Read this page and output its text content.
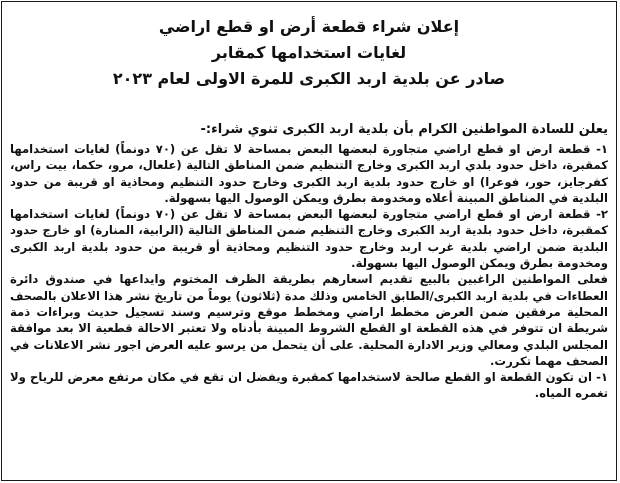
إعلان شراء قطعة أرض او قطع اراضي
لغايات استخدامها كمقابر
صادر عن بلدية اربد الكبرى للمرة الاولى لعام ٢٠٢٣
يعلن للسادة المواطنين الكرام بأن بلدية اربد الكبرى تنوي شراء:-

١- قطعة ارض او قطع اراضي متجاورة لبعضها البعض بمساحة لا تقل عن (٧٠ دونماً) لغايات استخدامها كمقبرة، داخل حدود بلدي اربد الكبرى وخارج التنظيم ضمن المناطق التالية (علعال، مرو، حكما، بيت راس، كفرجايز، حور، فوعرا) او خارج حدود بلدية اربد الكبرى وخارج حدود التنظيم ومحاذية او قريبة من حدود البلدية في المناطق المبينة أعلاه ومخدومة بطرق ويمكن الوصول اليها بسهولة.

٢- قطعة ارض او قطع اراضي متجاورة لبعضها البعض بمساحة لا تقل عن (٧٠ دونماً) لغايات استخدامها كمقبرة، داخل حدود بلدية اربد الكبرى وخارج التنظيم ضمن المناطق التالية (الرابية، المنارة) او خارج حدود البلدية ضمن اراضي بلدية غرب اربد وخارج حدود التنظيم ومحاذية أو قريبة من حدود بلدية اربد الكبرى ومخدومة بطرق ويمكن الوصول اليها بسهولة.

فعلى المواطنين الراغبين بالبيع تقديم اسعارهم بطريقة الظرف المختوم وايداعها في صندوق دائرة العطاءات في بلدية اربد الكبرى/الطابق الخامس وذلك مدة (ثلاثون) يوماً من تاريخ نشر هذا الاعلان بالصحف المحلية مرفقين ضمن العرض مخطط اراضي ومخطط موقع وترسيم وسند تسجيل حديث وبراءات ذمة شريطة ان تتوفر في هذه القطعة او القطع الشروط المبينة بأدناه ولا تعتبر الاحالة قطعية الا بعد موافقة المجلس البلدي ومعالي وزير الادارة المحلية. على أن يتحمل من يرسو عليه العرض اجور نشر الاعلانات في الصحف مهما تكررت.

١- ان تكون القطعة او القطع صالحة لاستخدامها كمقبرة ويفضل ان تقع في مكان مرتفع معرض للرياح ولا تغمره المياه.
